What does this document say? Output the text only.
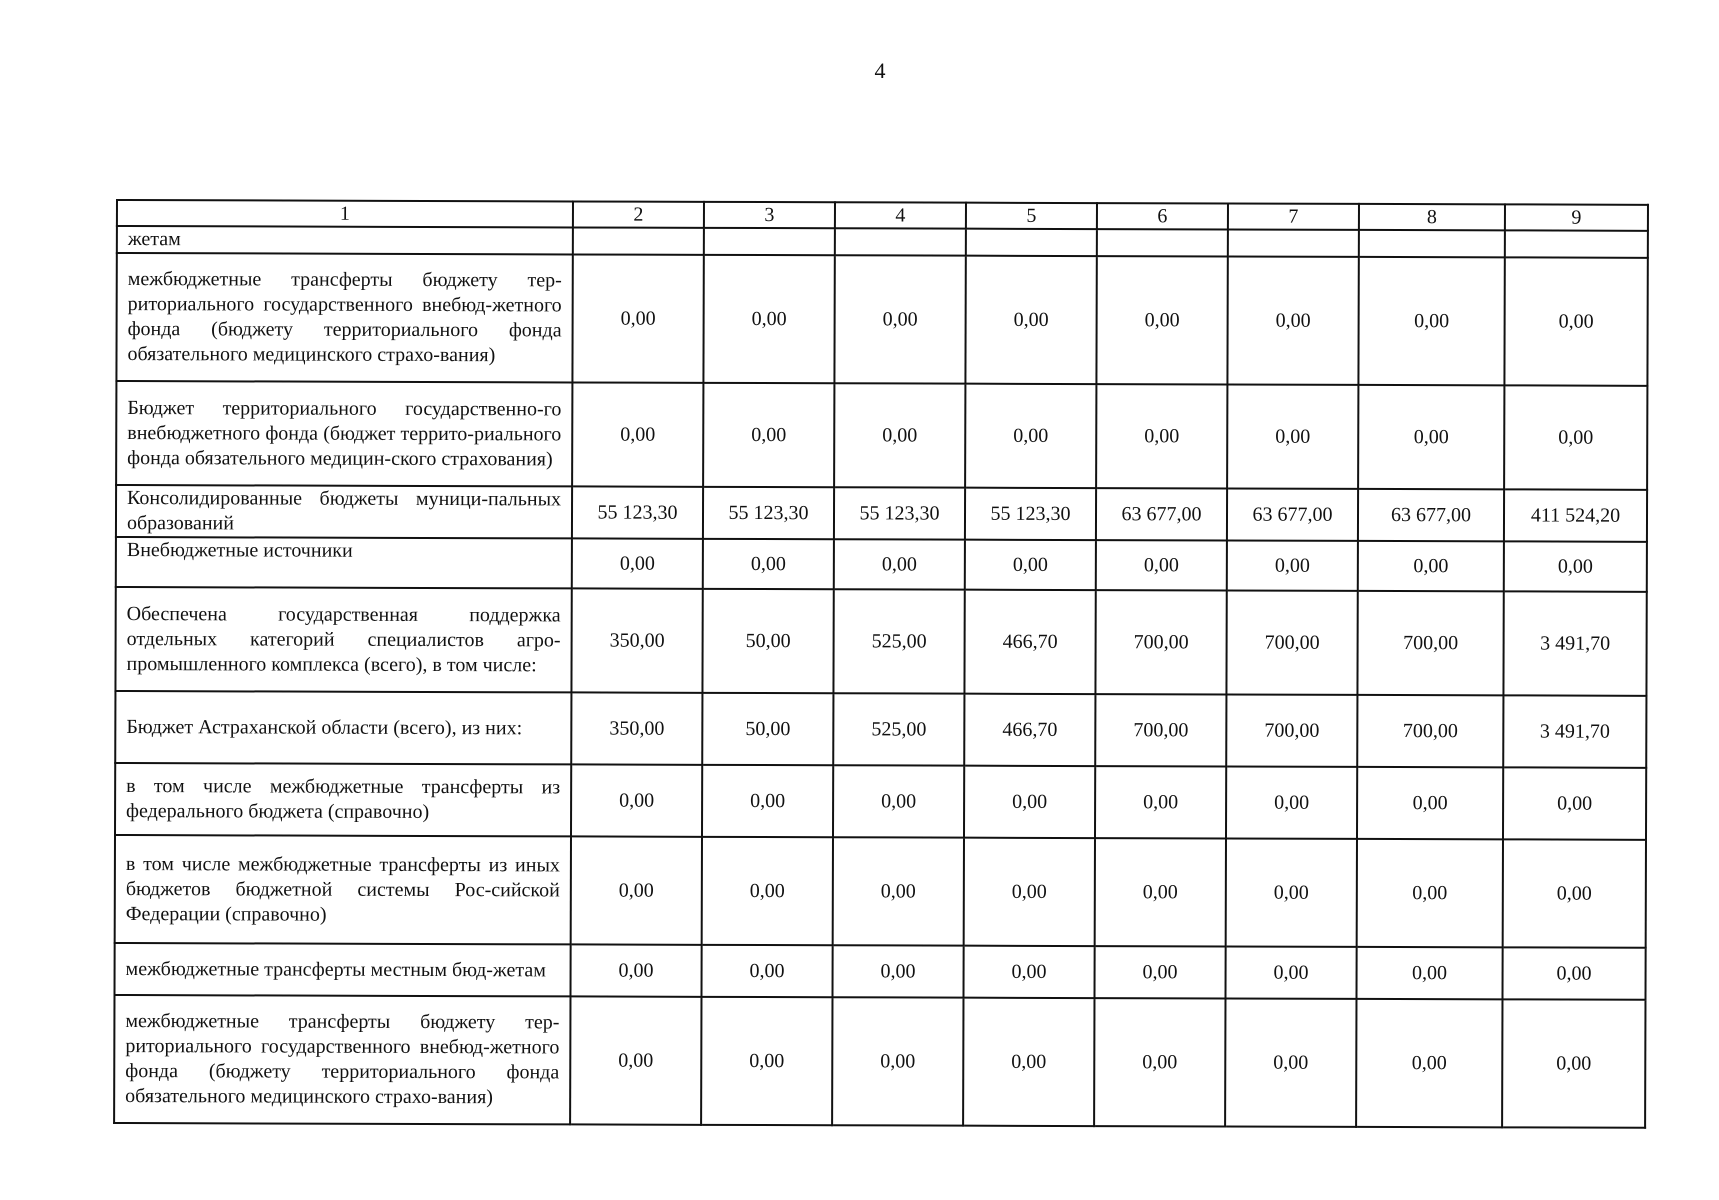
4
1	2	3	4	5	6	7	8	9
жетам								
межбюджетные трансферты бюджету тер-риториального государственного внебюд-жетного фонда (бюджету территориального фонда обязательного медицинского страхо-вания)	0,00	0,00	0,00	0,00	0,00	0,00	0,00	0,00
Бюджет территориального государственно-го внебюджетного фонда (бюджет террито-риального фонда обязательного медицин-ского страхования)	0,00	0,00	0,00	0,00	0,00	0,00	0,00	0,00
Консолидированные бюджеты муници-пальных образований	55 123,30	55 123,30	55 123,30	55 123,30	63 677,00	63 677,00	63 677,00	411 524,20
Внебюджетные источники	0,00	0,00	0,00	0,00	0,00	0,00	0,00	0,00
Обеспечена государственная поддержка отдельных категорий специалистов агро-промышленного комплекса (всего), в том числе:	350,00	50,00	525,00	466,70	700,00	700,00	700,00	3 491,70
Бюджет Астраханской области (всего), из них:	350,00	50,00	525,00	466,70	700,00	700,00	700,00	3 491,70
в том числе межбюджетные трансферты из федерального бюджета (справочно)	0,00	0,00	0,00	0,00	0,00	0,00	0,00	0,00
в том числе межбюджетные трансферты из иных бюджетов бюджетной системы Рос-сийской Федерации (справочно)	0,00	0,00	0,00	0,00	0,00	0,00	0,00	0,00
межбюджетные трансферты местным бюд-жетам	0,00	0,00	0,00	0,00	0,00	0,00	0,00	0,00
межбюджетные трансферты бюджету тер-риториального государственного внебюд-жетного фонда (бюджету территориального фонда обязательного медицинского страхо-вания)	0,00	0,00	0,00	0,00	0,00	0,00	0,00	0,00
